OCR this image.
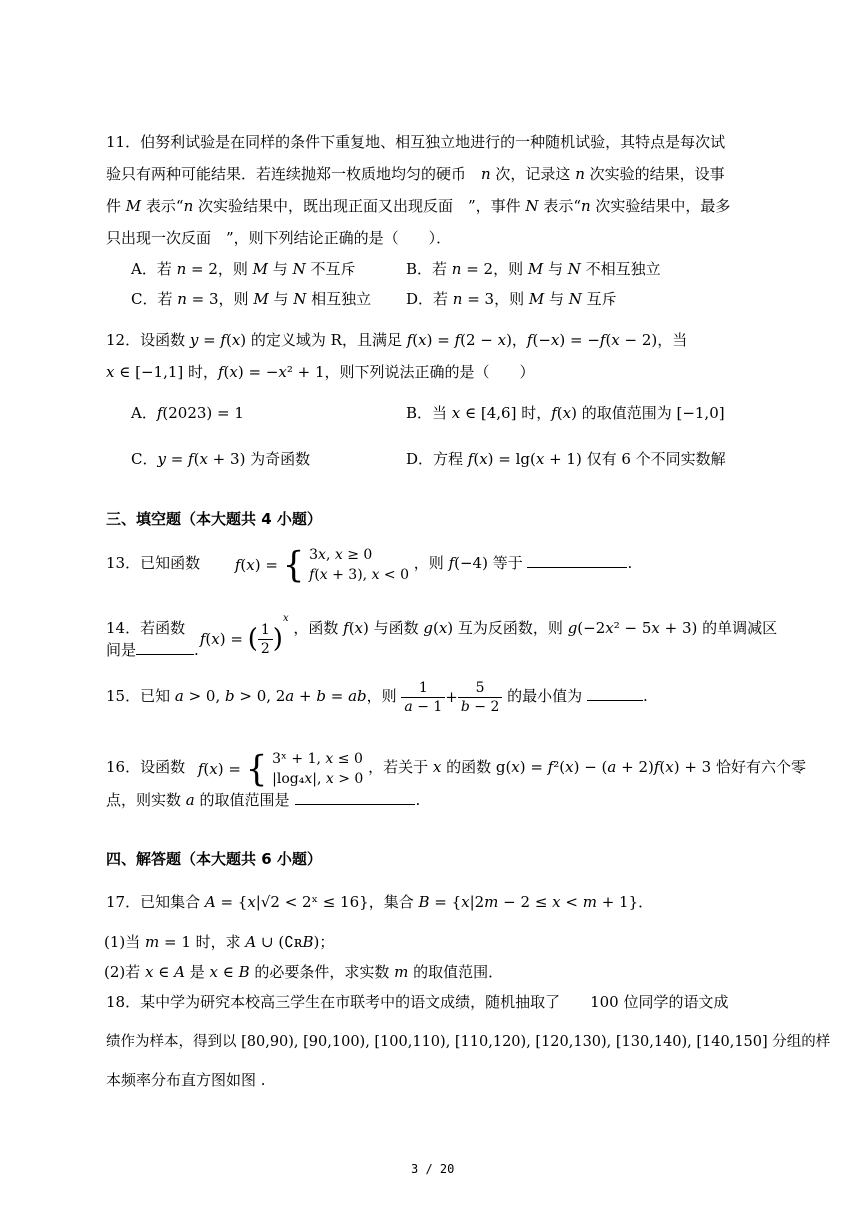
11．伯努利试验是在同样的条件下重复地、相互独立地进行的一种随机试验，其特点是每次试
验只有两种可能结果．若连续抛郑一枚质地均匀的硬币　𝑛 次，记录这 𝑛 次实验的结果，设事
件 𝑀 表示“𝑛 次实验结果中，既出现正面又出现反面　”，事件 𝑁 表示“𝑛 次实验结果中，最多
只出现一次反面　”，则下列结论正确的是（　　）．
A．若 𝑛 = 2，则 𝑀 与 𝑁 不互斥	B．若 𝑛 = 2，则 𝑀 与 𝑁 不相互独立
C．若 𝑛 = 3，则 𝑀 与 𝑁 相互独立 D．若 𝑛 = 3，则 𝑀 与 𝑁 互斥
12．设函数 𝑦 = 𝑓(𝑥) 的定义域为 R，且满足 𝑓(𝑥) = 𝑓(2 − 𝑥)，𝑓(−𝑥) = −𝑓(𝑥 − 2)，当
𝑥 ∈ [−1,1] 时，𝑓(𝑥) = −𝑥² + 1，则下列说法正确的是（　　）
A．𝑓(2023) = 1	B．当 𝑥 ∈ [4,6] 时，𝑓(𝑥) 的取值范围为 [−1,0]
C．𝑦 = 𝑓(𝑥 + 3) 为奇函数	D．方程 𝑓(𝑥) = lg(𝑥 + 1) 仅有 6 个不同实数解
三、填空题（本大题共 4 小题）
13．已知函数 𝑓(𝑥) = { 3𝑥, 𝑥 ≥ 0
𝑓(𝑥 + 3), 𝑥 < 0
，则 𝑓(−4) 等于	.
14．若函数 𝑓(𝑥) = ( $\frac{1}{2} )^𝑥$ ，函数 𝑓(𝑥) 与函数 𝑔(𝑥) 互为反函数，则 𝑔(−2𝑥² − 5𝑥 + 3) 的单调减区
间是	.
15．已知 𝑎 > 0, 𝑏 > 0, 2𝑎 + 𝑏 = 𝑎𝑏，则 $\frac{1}{\text{𝑎 − 1}} + \frac{5}{\text{𝑏 − 2}}$ 的最小值为	.
16．设函数 𝑓(𝑥) = { 3ˣ + 1, 𝑥 ≤ 0
|log₄𝑥|, 𝑥 > 0
，若关于 𝑥 的函数 g(𝑥) = 𝑓²(𝑥) − (𝑎 + 2)𝑓(𝑥) + 3 恰好有六个零
点，则实数 𝑎 的取值范围是	.
四、解答题（本大题共 6 小题）
17．已知集合 𝐴 = {𝑥|√2 < 2ˣ ≤ 16}，集合 𝐵 = {𝑥|2𝑚 − 2 ≤ 𝑥 < 𝑚 + 1}．
(1)当 𝑚 = 1 时，求 𝐴 ∪ (∁ʀ𝐵)；
(2)若 𝑥 ∈ 𝐴 是 𝑥 ∈ 𝐵 的必要条件，求实数 𝑚 的取值范围．
18．某中学为研究本校高三学生在市联考中的语文成绩，随机抽取了　　100 位同学的语文成
绩作为样本，得到以 [80,90), [90,100), [100,110), [110,120), [120,130), [130,140), [140,150] 分组的样
本频率分布直方图如图 .
3 / 20
